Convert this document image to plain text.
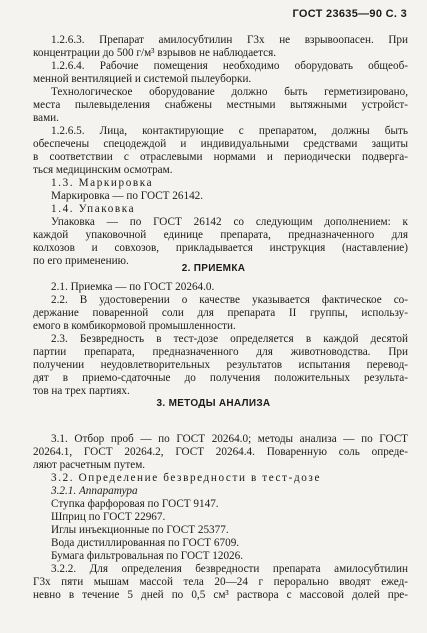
ГОСТ 23635—90 С. 3
1.2.6.3. Препарат амилосубтилин Г3х не взрывоопасен. При
концентрации до 500 г/м³ взрывов не наблюдается.
1.2.6.4. Рабочие помещения необходимо оборудовать общеоб-
менной вентиляцией и системой пылеуборки.
Технологическое оборудование должно быть герметизировано,
места пылевыделения снабжены местными вытяжными устройст-
вами.
1.2.6.5. Лица, контактирующие с препаратом, должны быть
обеспечены спецодеждой и индивидуальными средствами защиты
в соответствии с отраслевыми нормами и периодически подверга-
ться медицинским осмотрам.
1.3. Маркировка
Маркировка — по ГОСТ 26142.
1.4. Упаковка
Упаковка — по ГОСТ 26142 со следующим дополнением: к
каждой упаковочной единице препарата, предназначенного для
колхозов и совхозов, прикладывается инструкция (наставление)
по его применению.
2. ПРИЕМКА
2.1. Приемка — по ГОСТ 20264.0.
2.2. В удостоверении о качестве указывается фактическое со-
держание поваренной соли для препарата II группы, использу-
емого в комбикормовой промышленности.
2.3. Безвредность в тест-дозе определяется в каждой десятой
партии препарата, предназначенного для животноводства. При
получении неудовлетворительных результатов испытания перевод-
дят в приемо-сдаточные до получения положительных результа-
тов на трех партиях.
3. МЕТОДЫ АНАЛИЗА
3.1. Отбор проб — по ГОСТ 20264.0; методы анализа — по ГОСТ
20264.1, ГОСТ 20264.2, ГОСТ 20264.4. Поваренную соль опреде-
ляют расчетным путем.
3.2. Определение безвредности в тест-дозе
3.2.1. Аппаратура
Ступка фарфоровая по ГОСТ 9147.
Шприц по ГОСТ 22967.
Иглы инъекционные по ГОСТ 25377.
Вода дистиллированная по ГОСТ 6709.
Бумага фильтровальная по ГОСТ 12026.
3.2.2. Для определения безвредности препарата амилосубтилин
Г3х пяти мышам массой тела 20—24 г перорально вводят ежед-
невно в течение 5 дней по 0,5 см³ раствора с массовой долей пре-
